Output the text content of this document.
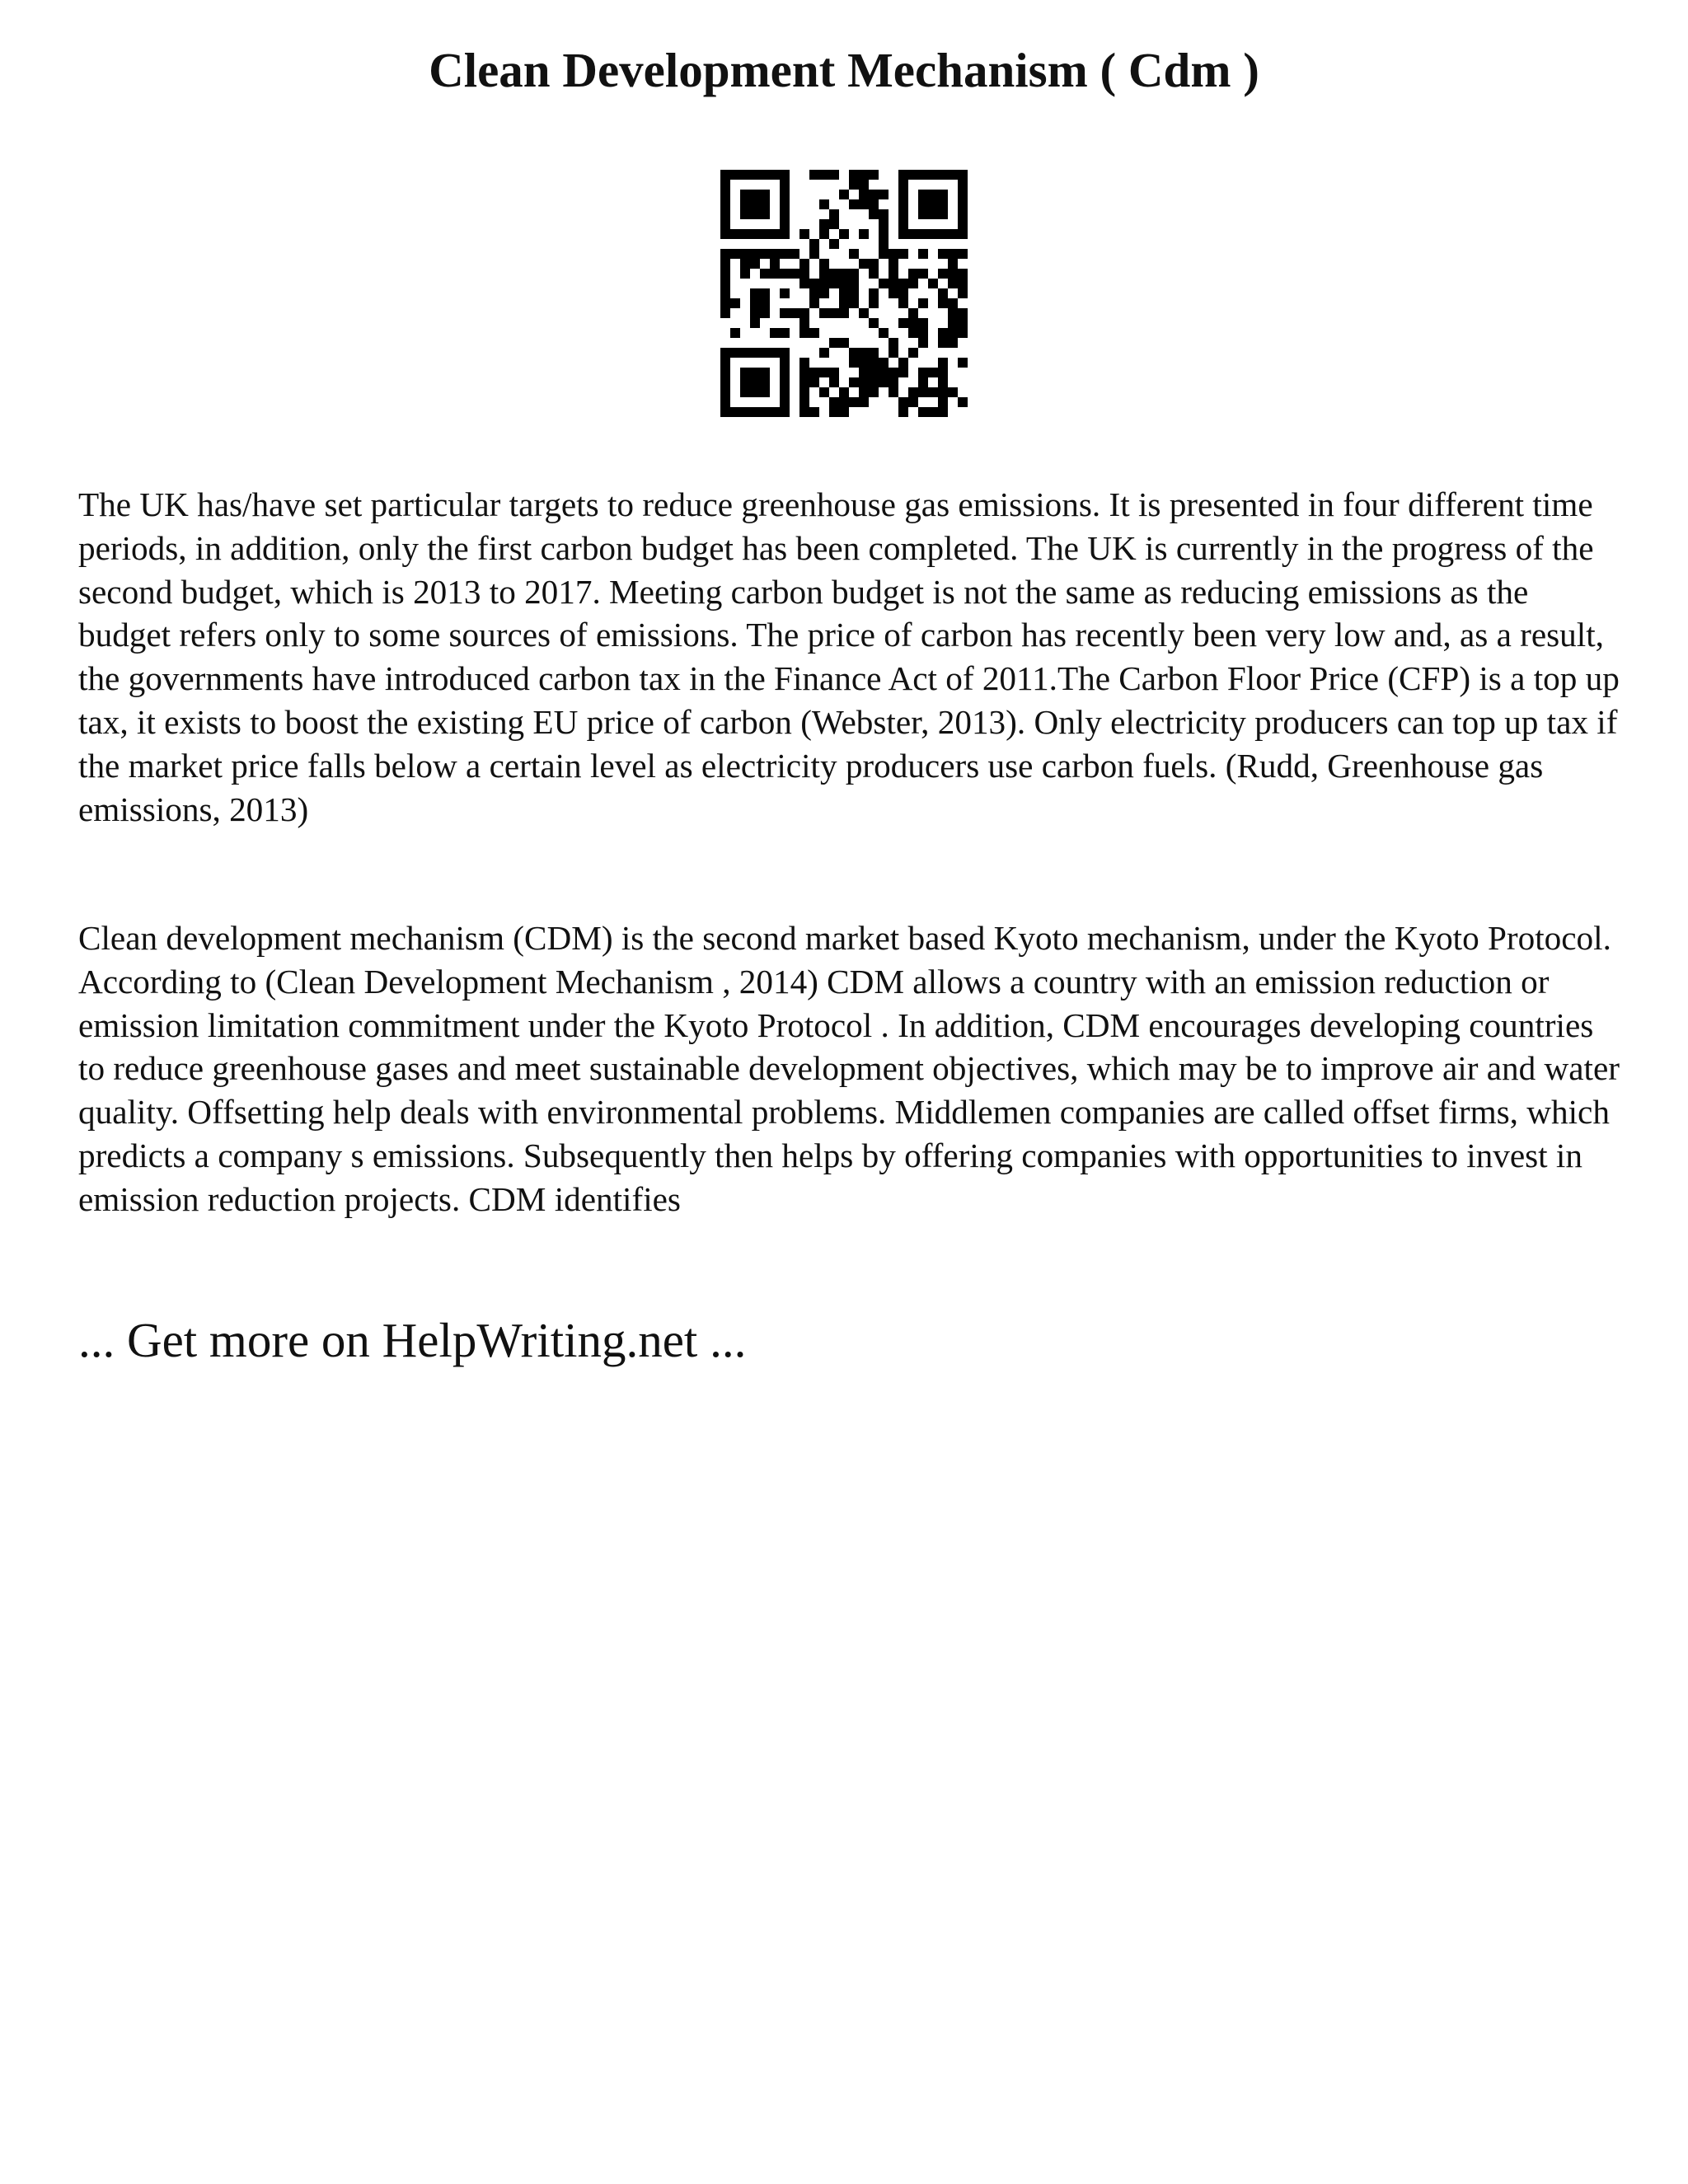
Clean Development Mechanism ( Cdm )

The UK has/have set particular targets to reduce greenhouse gas emissions. It is presented in four different time periods, in addition, only the first carbon budget has been completed. The UK is currently in the progress of the second budget, which is 2013 to 2017. Meeting carbon budget is not the same as reducing emissions as the budget refers only to some sources of emissions. The price of carbon has recently been very low and, as a result, the governments have introduced carbon tax in the Finance Act of 2011.The Carbon Floor Price (CFP) is a top up tax, it exists to boost the existing EU price of carbon (Webster, 2013). Only electricity producers can top up tax if the market price falls below a certain level as electricity producers use carbon fuels. (Rudd, Greenhouse gas emissions, 2013)

Clean development mechanism (CDM) is the second market based Kyoto mechanism, under the Kyoto Protocol. According to (Clean Development Mechanism , 2014) CDM allows a country with an emission reduction or emission limitation commitment under the Kyoto Protocol . In addition, CDM encourages developing countries to reduce greenhouse gases and meet sustainable development objectives, which may be to improve air and water quality. Offsetting help deals with environmental problems. Middlemen companies are called offset firms, which predicts a company s emissions. Subsequently then helps by offering companies with opportunities to invest in emission reduction projects. CDM identifies

... Get more on HelpWriting.net ...
